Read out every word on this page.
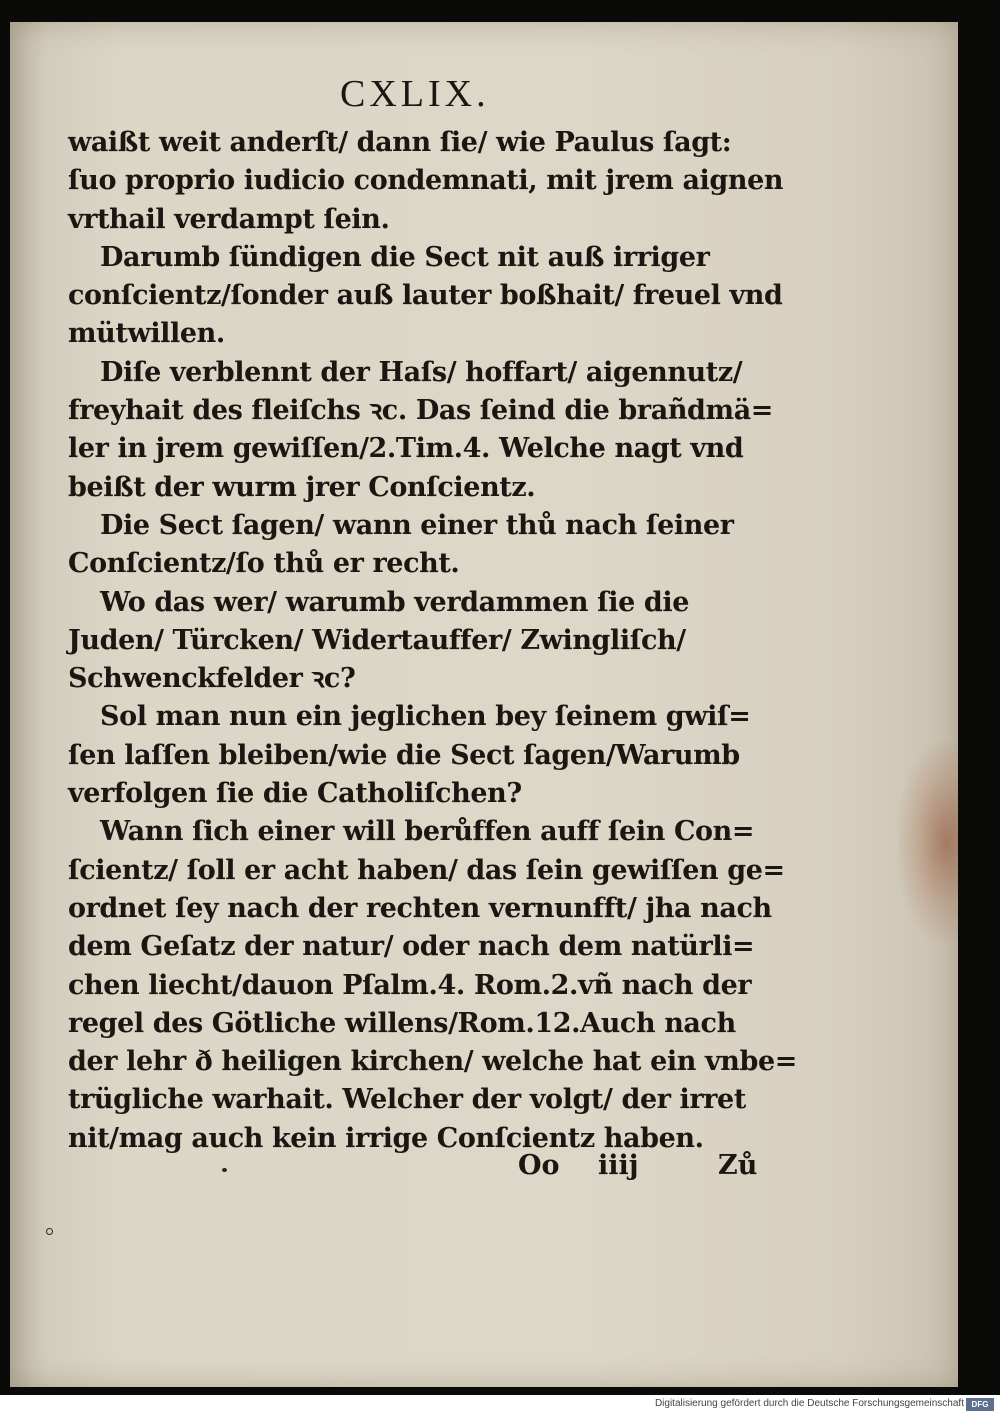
CXLIX.
waißt weit anderſt/ dann ſie/ wie Paulus ſagt:
ſuo proprio iudicio condemnati, mit jrem aignen
vrthail verdampt ſein.
Darumb ſündigen die Sect nit auß irriger
conſcientz/ſonder auß lauter boßhait/ freuel vnd
mütwillen.
Diſe verblennt der Haſs/ hoffart/ aigennutz/
freyhait des fleiſchs ꝛc. Das ſeind die brañdmä=
ler in jrem gewiſſen/2.Tim.4. Welche nagt vnd
beißt der wurm jrer Conſcientz.
Die Sect ſagen/ wann einer thů nach ſeiner
Conſcientz/ſo thů er recht.
Wo das wer/ warumb verdammen ſie die
Juden/ Türcken/ Widertauffer/ Zwingliſch/
Schwenckfelder ꝛc?
Sol man nun ein jeglichen bey ſeinem gwiſ=
ſen laſſen bleiben/wie die Sect ſagen/Warumb
verfolgen ſie die Catholiſchen?
Wann ſich einer will berůffen auff ſein Con=
ſcientz/ ſoll er acht haben/ das ſein gewiſſen ge=
ordnet ſey nach der rechten vernunfft/ jha nach
dem Geſatz der natur/ oder nach dem natürli=
chen liecht/dauon Pſalm.4. Rom.2.vñ nach der
regel des Götliche willens/Rom.12.Auch nach
der lehr ð heiligen kirchen/ welche hat ein vnbe=
trügliche warhait. Welcher der volgt/ der irret
nit/mag auch kein irrige Conſcientz haben.
Oo iiij	Zů
Digitalisierung gefördert durch die Deutsche Forschungsgemeinschaft DFG
